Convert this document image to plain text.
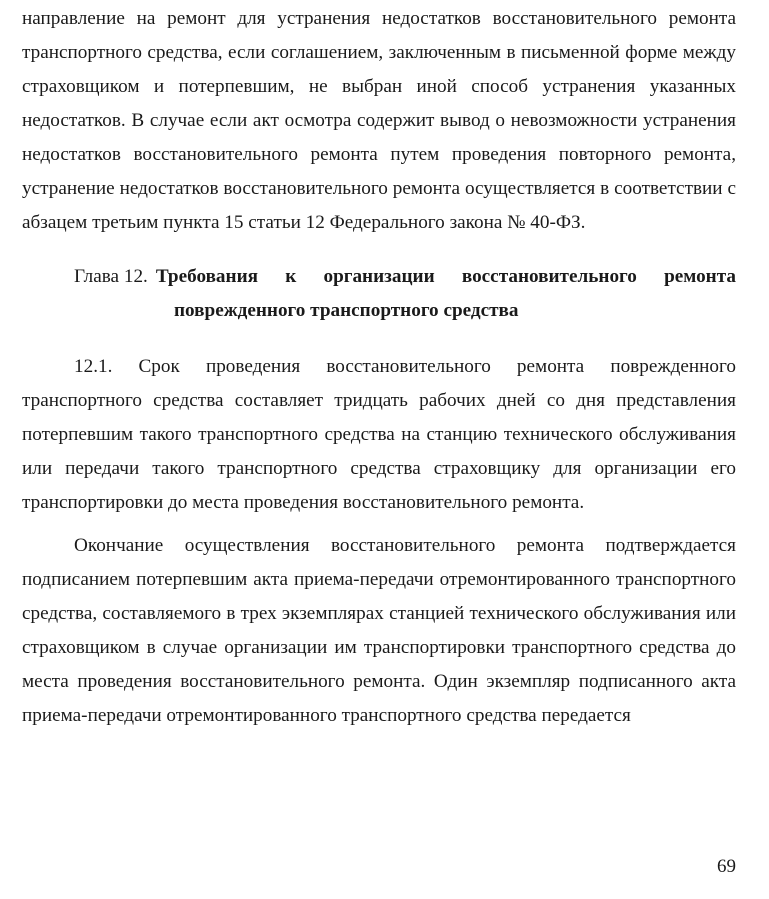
направление на ремонт для устранения недостатков восстановительного ремонта транспортного средства, если соглашением, заключенным в письменной форме между страховщиком и потерпевшим, не выбран иной способ устранения указанных недостатков. В случае если акт осмотра содержит вывод о невозможности устранения недостатков восстановительного ремонта путем проведения повторного ремонта, устранение недостатков восстановительного ремонта осуществляется в соответствии с абзацем третьим пункта 15 статьи 12 Федерального закона № 40-ФЗ.

Глава 12. Требования к организации восстановительного ремонта
поврежденного транспортного средства

12.1. Срок проведения восстановительного ремонта поврежденного транспортного средства составляет тридцать рабочих дней со дня представления потерпевшим такого транспортного средства на станцию технического обслуживания или передачи такого транспортного средства страховщику для организации его транспортировки до места проведения восстановительного ремонта.

Окончание осуществления восстановительного ремонта подтверждается подписанием потерпевшим акта приема-передачи отремонтированного транспортного средства, составляемого в трех экземплярах станцией технического обслуживания или страховщиком в случае организации им транспортировки транспортного средства до места проведения восстановительного ремонта. Один экземпляр подписанного акта приема-передачи отремонтированного транспортного средства передается

69
